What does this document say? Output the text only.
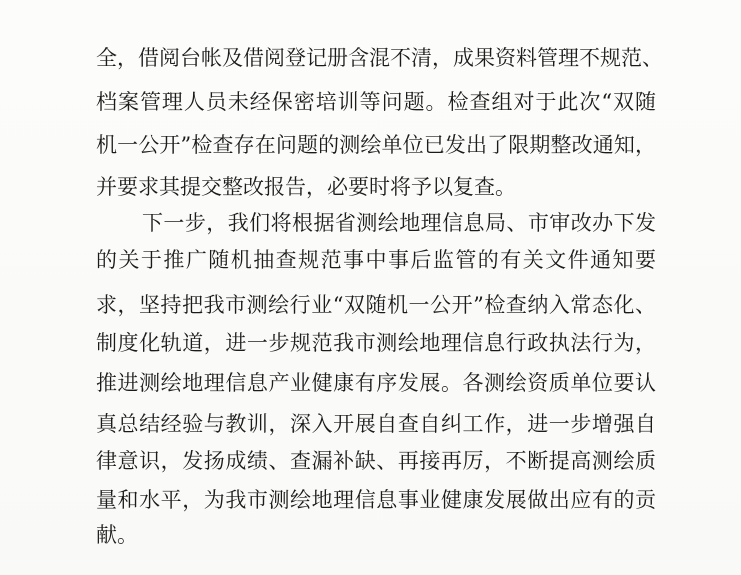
全，借阅台帐及借阅登记册含混不清，成果资料管理不规范、
档案管理人员未经保密培训等问题。检查组对于此次“双随
机一公开”检查存在问题的测绘单位已发出了限期整改通知，
并要求其提交整改报告，必要时将予以复查。
下一步，我们将根据省测绘地理信息局、市审改办下发
的关于推广随机抽查规范事中事后监管的有关文件通知要
求，坚持把我市测绘行业“双随机一公开”检查纳入常态化、
制度化轨道，进一步规范我市测绘地理信息行政执法行为，
推进测绘地理信息产业健康有序发展。各测绘资质单位要认
真总结经验与教训，深入开展自查自纠工作，进一步增强自
律意识，发扬成绩、查漏补缺、再接再厉，不断提高测绘质
量和水平，为我市测绘地理信息事业健康发展做出应有的贡
献。
